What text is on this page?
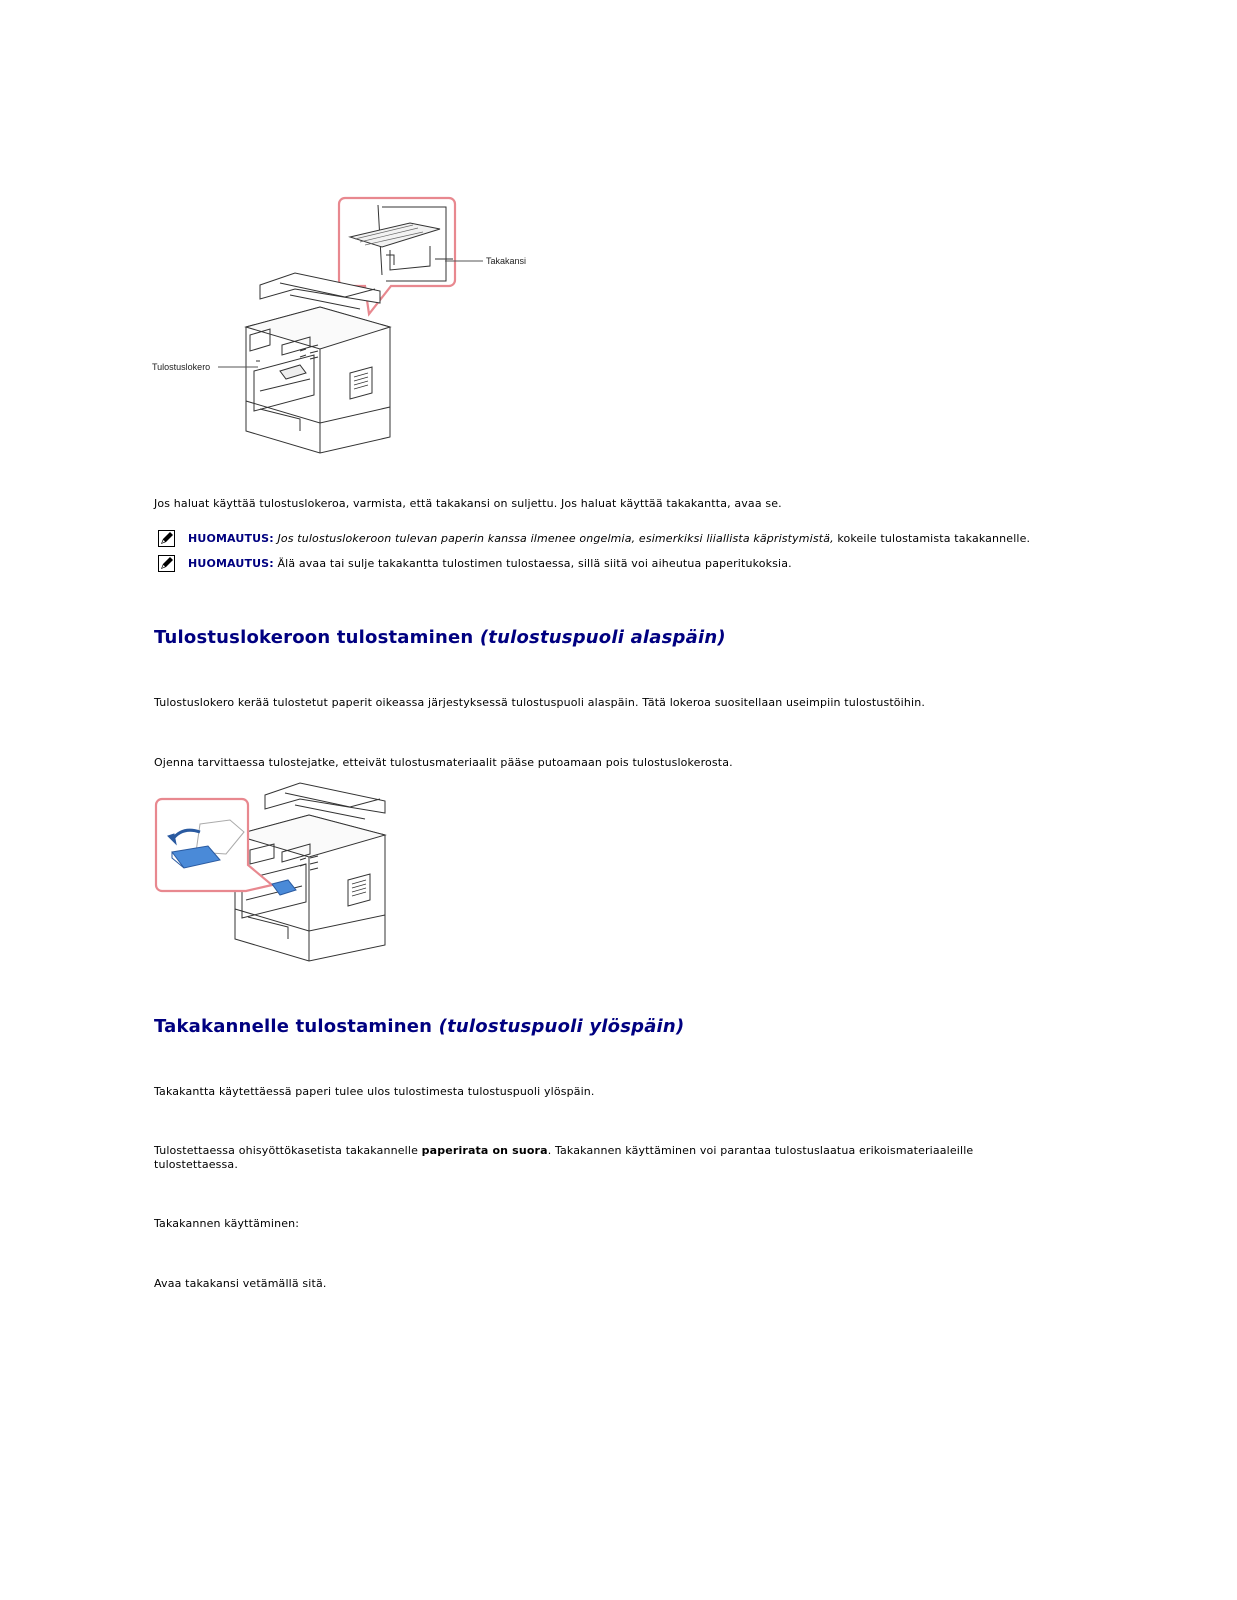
Takakansi
Tulostuslokero

Jos haluat käyttää tulostuslokeroa, varmista, että takakansi on suljettu. Jos haluat käyttää takakantta, avaa se.

HUOMAUTUS: Jos tulostuslokeroon tulevan paperin kanssa ilmenee ongelmia, esimerkiksi liiallista käpristymistä, kokeile tulostamista takakannelle.
HUOMAUTUS: Älä avaa tai sulje takakantta tulostimen tulostaessa, sillä siitä voi aiheutua paperitukoksia.
Tulostuslokeroon tulostaminen (tulostuspuoli alaspäin)

Tulostuslokero kerää tulostetut paperit oikeassa järjestyksessä tulostuspuoli alaspäin. Tätä lokeroa suositellaan useimpiin tulostustöihin.

Ojenna tarvittaessa tulostejatke, etteivät tulostusmateriaalit pääse putoamaan pois tulostuslokerosta.

Takakannelle tulostaminen (tulostuspuoli ylöspäin)

Takakantta käytettäessä paperi tulee ulos tulostimesta tulostuspuoli ylöspäin.

Tulostettaessa ohisyöttökasetista takakannelle paperirata on suora. Takakannen käyttäminen voi parantaa tulostuslaatua erikoismateriaaleille tulostettaessa.

Takakannen käyttäminen:

Avaa takakansi vetämällä sitä.
